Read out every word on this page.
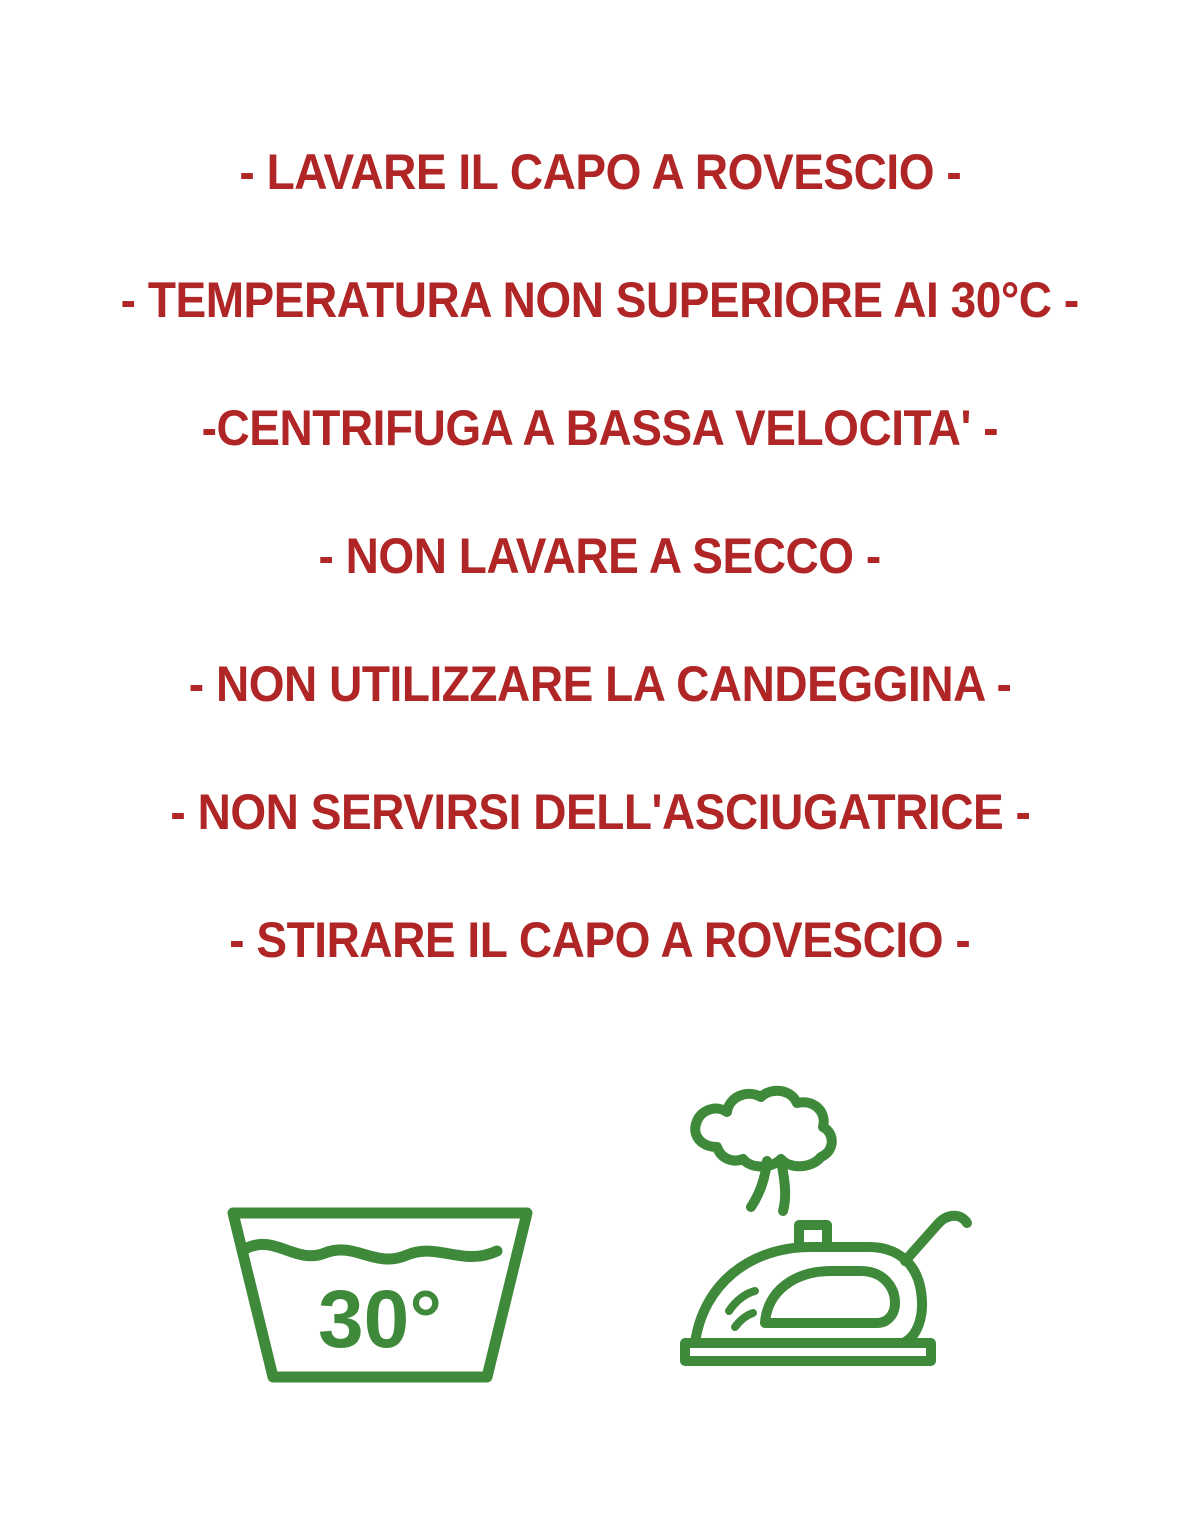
- LAVARE IL CAPO A ROVESCIO -
- TEMPERATURA NON SUPERIORE AI 30°C -
-CENTRIFUGA A BASSA VELOCITA' -
- NON LAVARE A SECCO -
- NON UTILIZZARE LA CANDEGGINA -
- NON SERVIRSI DELL'ASCIUGATRICE -
- STIRARE IL CAPO A ROVESCIO -
30°
